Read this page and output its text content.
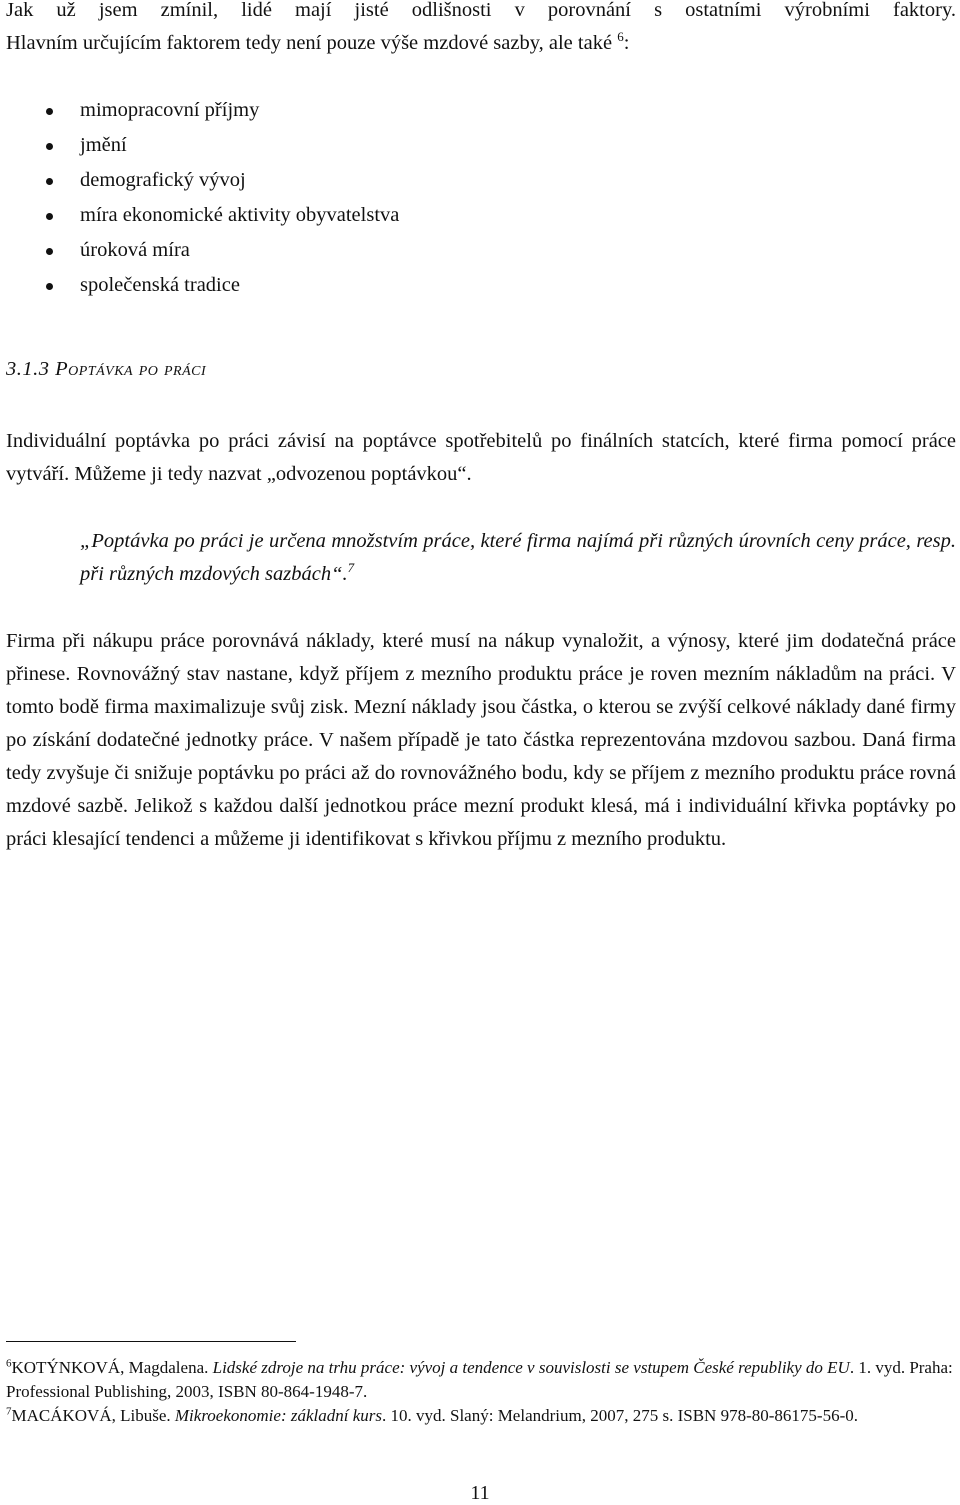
Jak už jsem zmínil, lidé mají jisté odlišnosti v porovnání s ostatními výrobními faktory.
Hlavním určujícím faktorem tedy není pouze výše mzdové sazby, ale také $^6$:
mimopracovní příjmy
jmění
demografický vývoj
míra ekonomické aktivity obyvatelstva
úroková míra
společenská tradice
3.1.3 Poptávka po práci

Individuální poptávka po práci závisí na poptávce spotřebitelů po finálních statcích, které firma pomocí práce vytváří. Můžeme ji tedy nazvat „odvozenou poptávkou“.

„Poptávka po práci je určena množstvím práce, které firma najímá při různých úrovních ceny práce, resp. při různých mzdových sazbách“.$^7$

Firma při nákupu práce porovnává náklady, které musí na nákup vynaložit, a výnosy, které jim dodatečná práce přinese. Rovnovážný stav nastane, když příjem z mezního produktu práce je roven mezním nákladům na práci. V tomto bodě firma maximalizuje svůj zisk. Mezní náklady jsou částka, o kterou se zvýší celkové náklady dané firmy po získání dodatečné jednotky práce. V našem případě je tato částka reprezentována mzdovou sazbou. Daná firma tedy zvyšuje či snižuje poptávku po práci až do rovnovážného bodu, kdy se příjem z mezního produktu práce rovná mzdové sazbě. Jelikož s každou další jednotkou práce mezní produkt klesá, má i individuální křivka poptávky po práci klesající tendenci a můžeme ji identifikovat s křivkou příjmu z mezního produktu.

$^6$KOTÝNKOVÁ, Magdalena. Lidské zdroje na trhu práce: vývoj a tendence v souvislosti se vstupem České republiky do EU. 1. vyd. Praha: Professional Publishing, 2003, ISBN 80-864-1948-7.

$^7$MACÁKOVÁ, Libuše. Mikroekonomie: základní kurs. 10. vyd. Slaný: Melandrium, 2007, 275 s. ISBN 978-80-86175-56-0.

11
